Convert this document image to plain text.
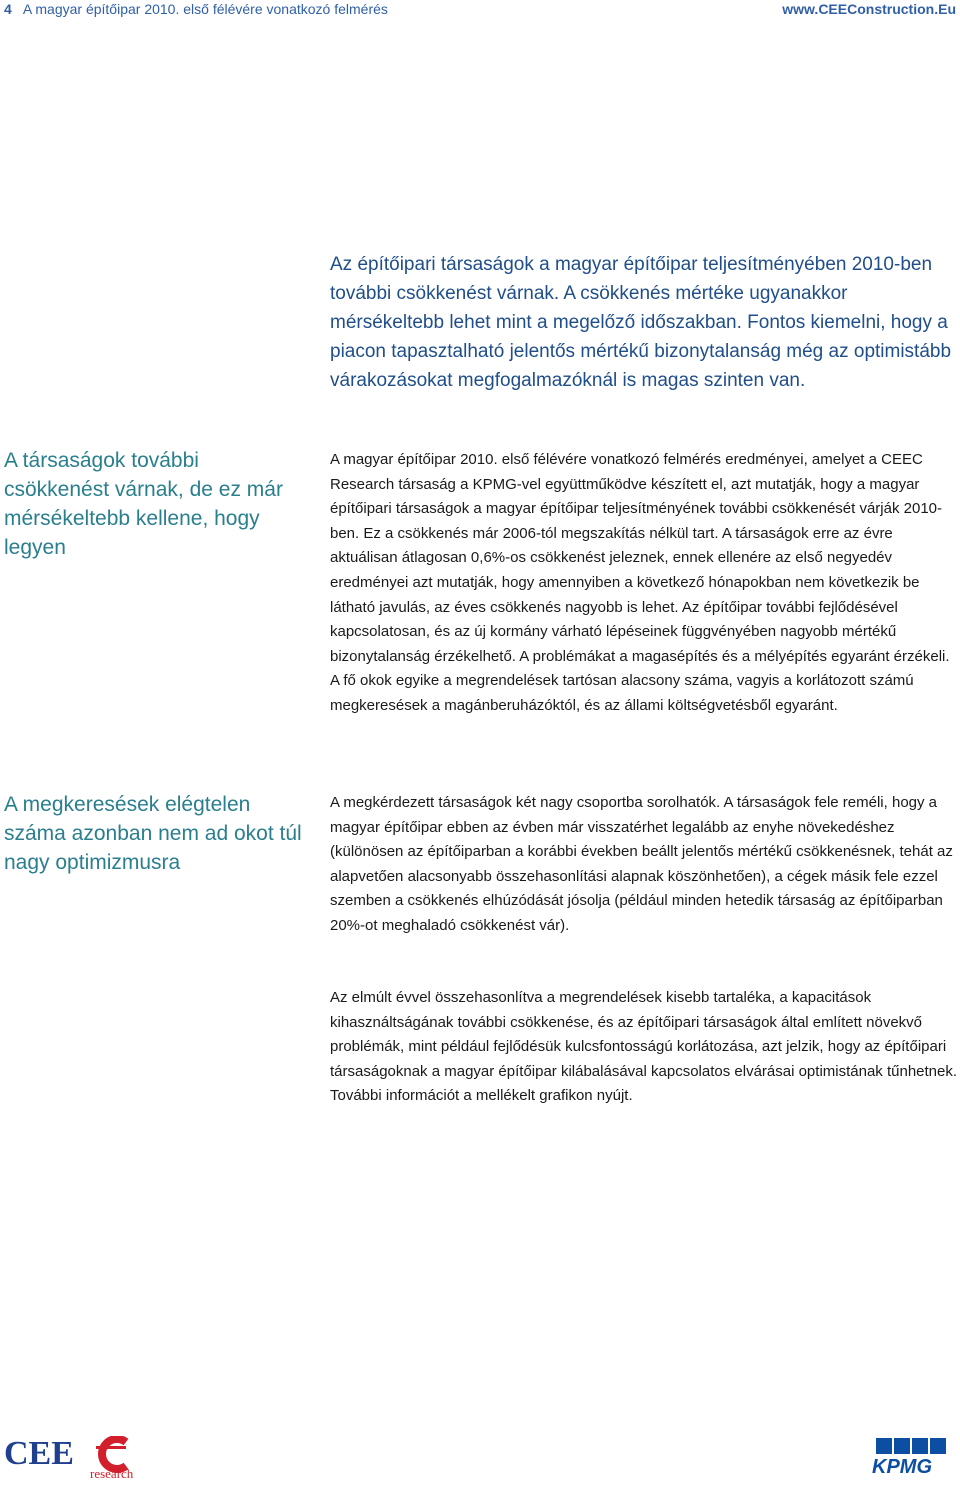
4 A magyar építőipar 2010. első félévére vonatkozó felmérés	www.CEEConstruction.Eu

Az építőipari társaságok a magyar építőipar teljesítményében 2010-ben további csökkenést várnak. A csökkenés mértéke ugyanakkor mérsékeltebb lehet mint a megelőző időszakban. Fontos kiemelni, hogy a piacon tapasztalható jelentős mértékű bizonytalanság még az optimistább várakozásokat megfogalmazóknál is magas szinten van.

A társaságok további csökkenést várnak, de ez már mérsékeltebb kellene, hogy legyen

A megkeresések elégtelen száma azonban nem ad okot túl nagy optimizmusra

A magyar építőipar 2010. első félévére vonatkozó felmérés eredményei, amelyet a CEEC Research társaság a KPMG-vel együttműködve készített el, azt mutatják, hogy a magyar építőipari társaságok a magyar építőipar teljesítményének további csökkenését várják 2010-ben. Ez a csökkenés már 2006-tól megszakítás nélkül tart. A társaságok erre az évre aktuálisan átlagosan 0,6%-os csökkenést jeleznek, ennek ellenére az első negyedév eredményei azt mutatják, hogy amennyiben a következő hónapokban nem következik be látható javulás, az éves csökkenés nagyobb is lehet. Az építőipar további fejlődésével kapcsolatosan, és az új kormány várható lépéseinek függvényében nagyobb mértékű bizonytalanság érzékelhető. A problémákat a magasépítés és a mélyépítés egyaránt érzékeli. A fő okok egyike a megrendelések tartósan alacsony száma, vagyis a korlátozott számú megkeresések a magánberuházóktól, és az állami költségvetésből egyaránt.

A megkérdezett társaságok két nagy csoportba sorolhatók. A társaságok fele reméli, hogy a magyar építőipar ebben az évben már visszatérhet legalább az enyhe növekedéshez (különösen az építőiparban a korábbi években beállt jelentős mértékű csökkenésnek, tehát az alapvetően alacsonyabb összehasonlítási alapnak köszönhetően), a cégek másik fele ezzel szemben a csökkenés elhúzódását jósolja (például minden hetedik társaság az építőiparban 20%-ot meghaladó csökkenést vár).

Az elmúlt évvel összehasonlítva a megrendelések kisebb tartaléka, a kapacitások kihasználtságának további csökkenése, és az építőipari társaságok által említett növekvő problémák, mint például fejlődésük kulcsfontosságú korlátozása, azt jelzik, hogy az építőipari társaságoknak a magyar építőipar kilábalásával kapcsolatos elvárásai optimistának tűnhetnek. További információt a mellékelt grafikon nyújt.

CEE
research	KPMG
